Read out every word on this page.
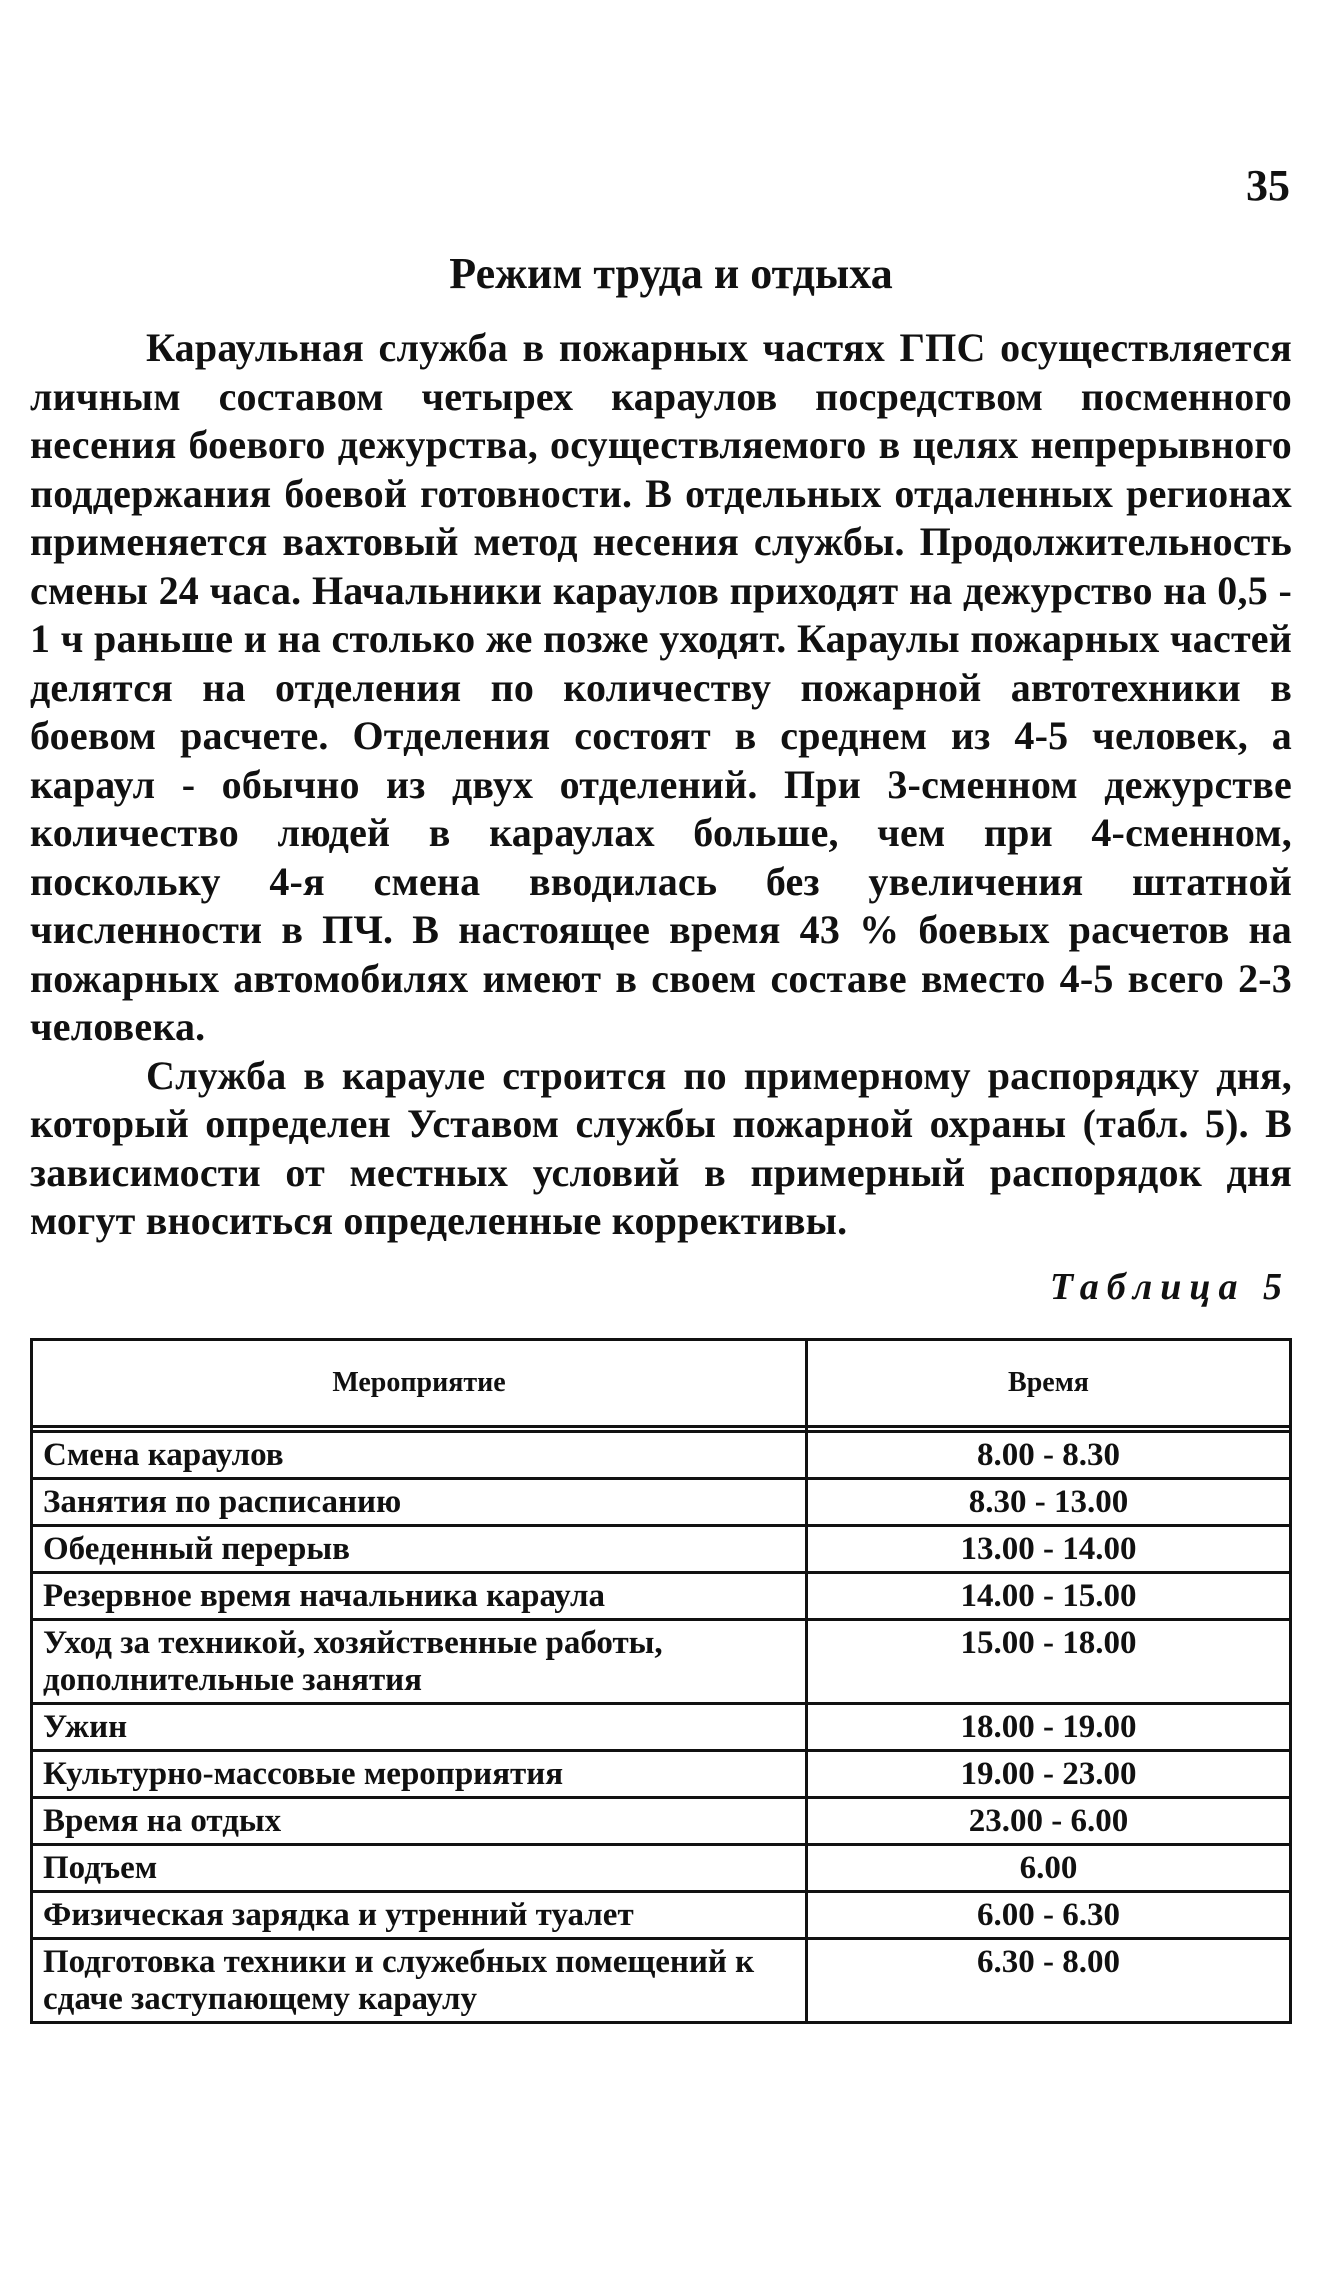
35
Режим труда и отдыха

Караульная служба в пожарных частях ГПС осуществляется личным составом четырех караулов посредством посменного несения боевого дежурства, осуществляемого в целях непрерывного поддержания боевой готовности. В отдельных отдаленных регионах применяется вахтовый метод несения службы. Продолжительность смены 24 часа. Начальники караулов приходят на дежурство на 0,5 - 1 ч раньше и на столько же позже уходят. Караулы пожарных частей делятся на отделения по количеству пожарной автотехники в боевом расчете. Отделения состоят в среднем из 4-5 человек, а караул - обычно из двух отделений. При 3-сменном дежурстве количество людей в караулах больше, чем при 4-сменном, поскольку 4-я смена вводилась без увеличения штатной численности в ПЧ. В настоящее время 43 % боевых расчетов на пожарных автомобилях имеют в своем составе вместо 4-5 всего 2-3 человека.

Служба в карауле строится по примерному распорядку дня, который определен Уставом службы пожарной охраны (табл. 5). В зависимости от местных условий в примерный распорядок дня могут вноситься определенные коррективы.

Таблица 5
Мероприятие	Время

Смена караулов	8.00 - 8.30
Занятия по расписанию	8.30 - 13.00
Обеденный перерыв	13.00 - 14.00
Резервное время начальника караула	14.00 - 15.00
Уход за техникой, хозяйственные работы, дополнительные занятия	15.00 - 18.00
Ужин	18.00 - 19.00
Культурно-массовые мероприятия	19.00 - 23.00
Время на отдых	23.00 - 6.00
Подъем	6.00
Физическая зарядка и утренний туалет	6.00 - 6.30
Подготовка техники и служебных помещений к сдаче заступающему караулу	6.30 - 8.00
